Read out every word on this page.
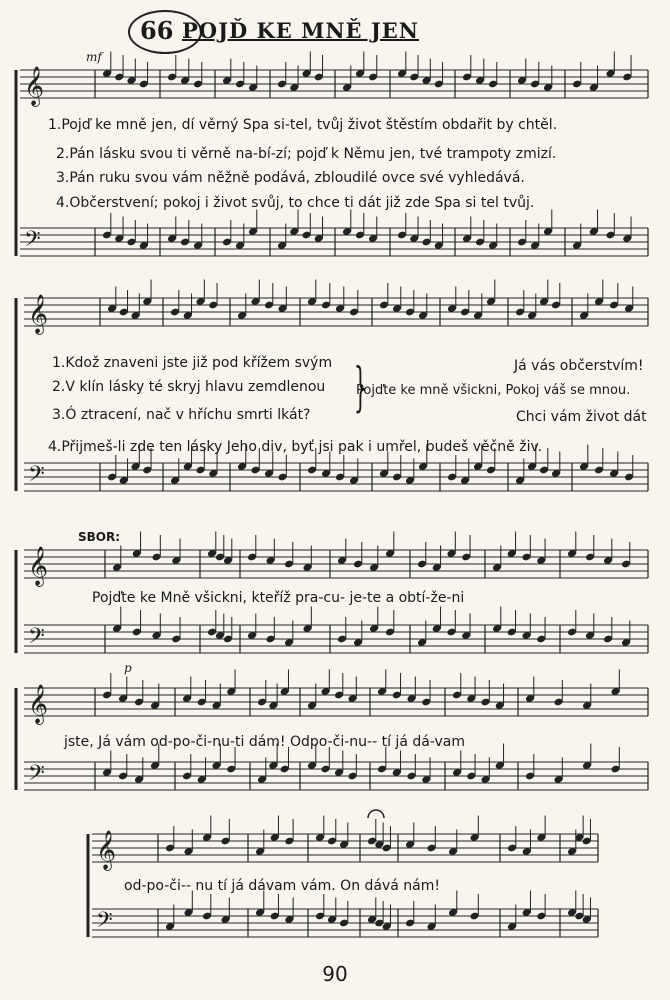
66 POJĎ KE MNĚ JEN
𝄞
𝄢
𝄞
𝄢
𝄞
𝄢
𝄞
𝄢
𝄞
𝄢
mf
1.Pojď ke mně jen, dí věrný Spa si-tel, tvůj život štěstím obdařit by chtěl.
2.Pán lásku svou ti věrně na-bí-zí; pojď k Němu jen, tvé trampoty zmizí.
3.Pán ruku svou vám něžně podává, zbloudilé ovce své vyhledává.
4.Občerstvení; pokoj i život svůj, to chce ti dát již zde Spa si tel tvůj.
1.Kdož znaveni jste již pod křížem svým
2.V klín lásky té skryj hlavu zemdlenou
3.Ó ztracení, nač v hříchu smrti lkát?
4.Přijmeš-li zde ten lásky Jeho div, byť jsi pak i umřel, budeš věčně živ.
}
Pojďte ke mně všickni, Pokoj váš se mnou.
Já vás občerstvím!
Chci vám život dát
SBOR:
Pojďte ke Mně všickni, kteříž pra-cu- je-te a obtí-že-ni
p
jste, Já vám od-po-či-nu-ti dám! Odpo-či-nu-- tí já dá-vam
od-po-či-- nu tí já dávam vám. On dává nám!
90
